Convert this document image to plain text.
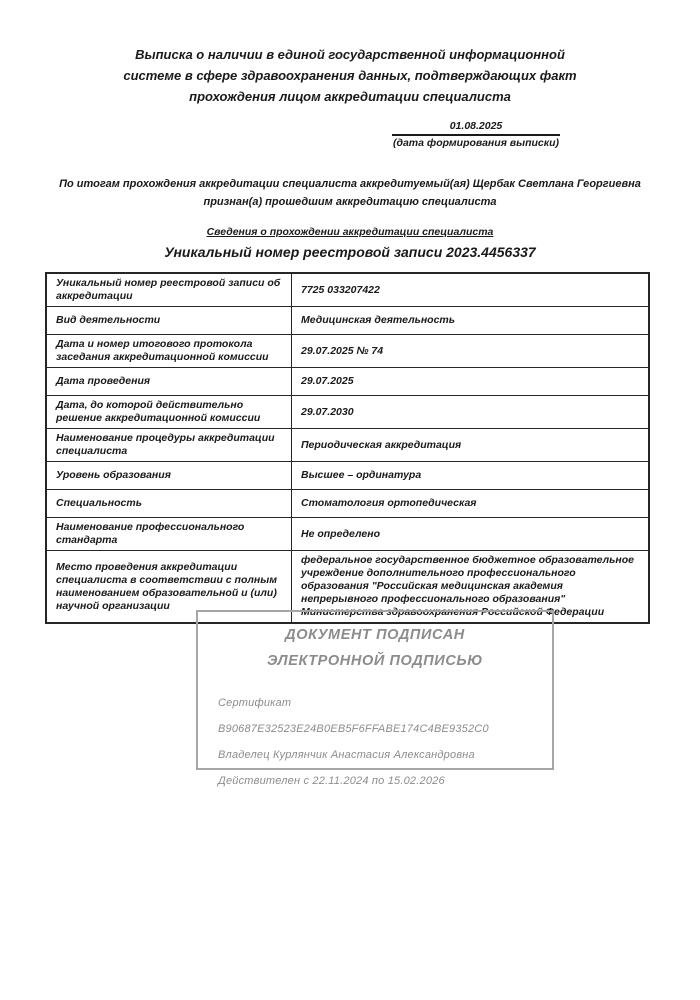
Выписка о наличии в единой государственной информационной
системе в сфере здравоохранения данных, подтверждающих факт
прохождения лицом аккредитации специалиста
01.08.2025
(дата формирования выписки)
По итогам прохождения аккредитации специалиста аккредитуемый(ая) Щербак Светлана Георгиевна
признан(а) прошедшим аккредитацию специалиста
Сведения о прохождении аккредитации специалиста
Уникальный номер реестровой записи 2023.4456337
Уникальный номер реестровой записи об аккредитации	7725 033207422
Вид деятельности	Медицинская деятельность
Дата и номер итогового протокола заседания аккредитационной комиссии	29.07.2025 № 74
Дата проведения	29.07.2025
Дата, до которой действительно решение аккредитационной комиссии	29.07.2030
Наименование процедуры аккредитации специалиста	Периодическая аккредитация
Уровень образования	Высшее – ординатура
Специальность	Стоматология ортопедическая
Наименование профессионального стандарта	Не определено
Место проведения аккредитации специалиста в соответствии с полным наименованием образовательной и (или) научной организации	федеральное государственное бюджетное образовательное учреждение дополнительного профессионального образования "Российская медицинская академия непрерывного профессионального образования" Министерства здравоохранения Российской Федерации
ДОКУМЕНТ ПОДПИСАН
ЭЛЕКТРОННОЙ ПОДПИСЬЮ
Сертификат B90687E32523E24B0EB5F6FFABE174C4BE9352C0
Владелец Курлянчик Анастасия Александровна
Действителен с 22.11.2024 по 15.02.2026
